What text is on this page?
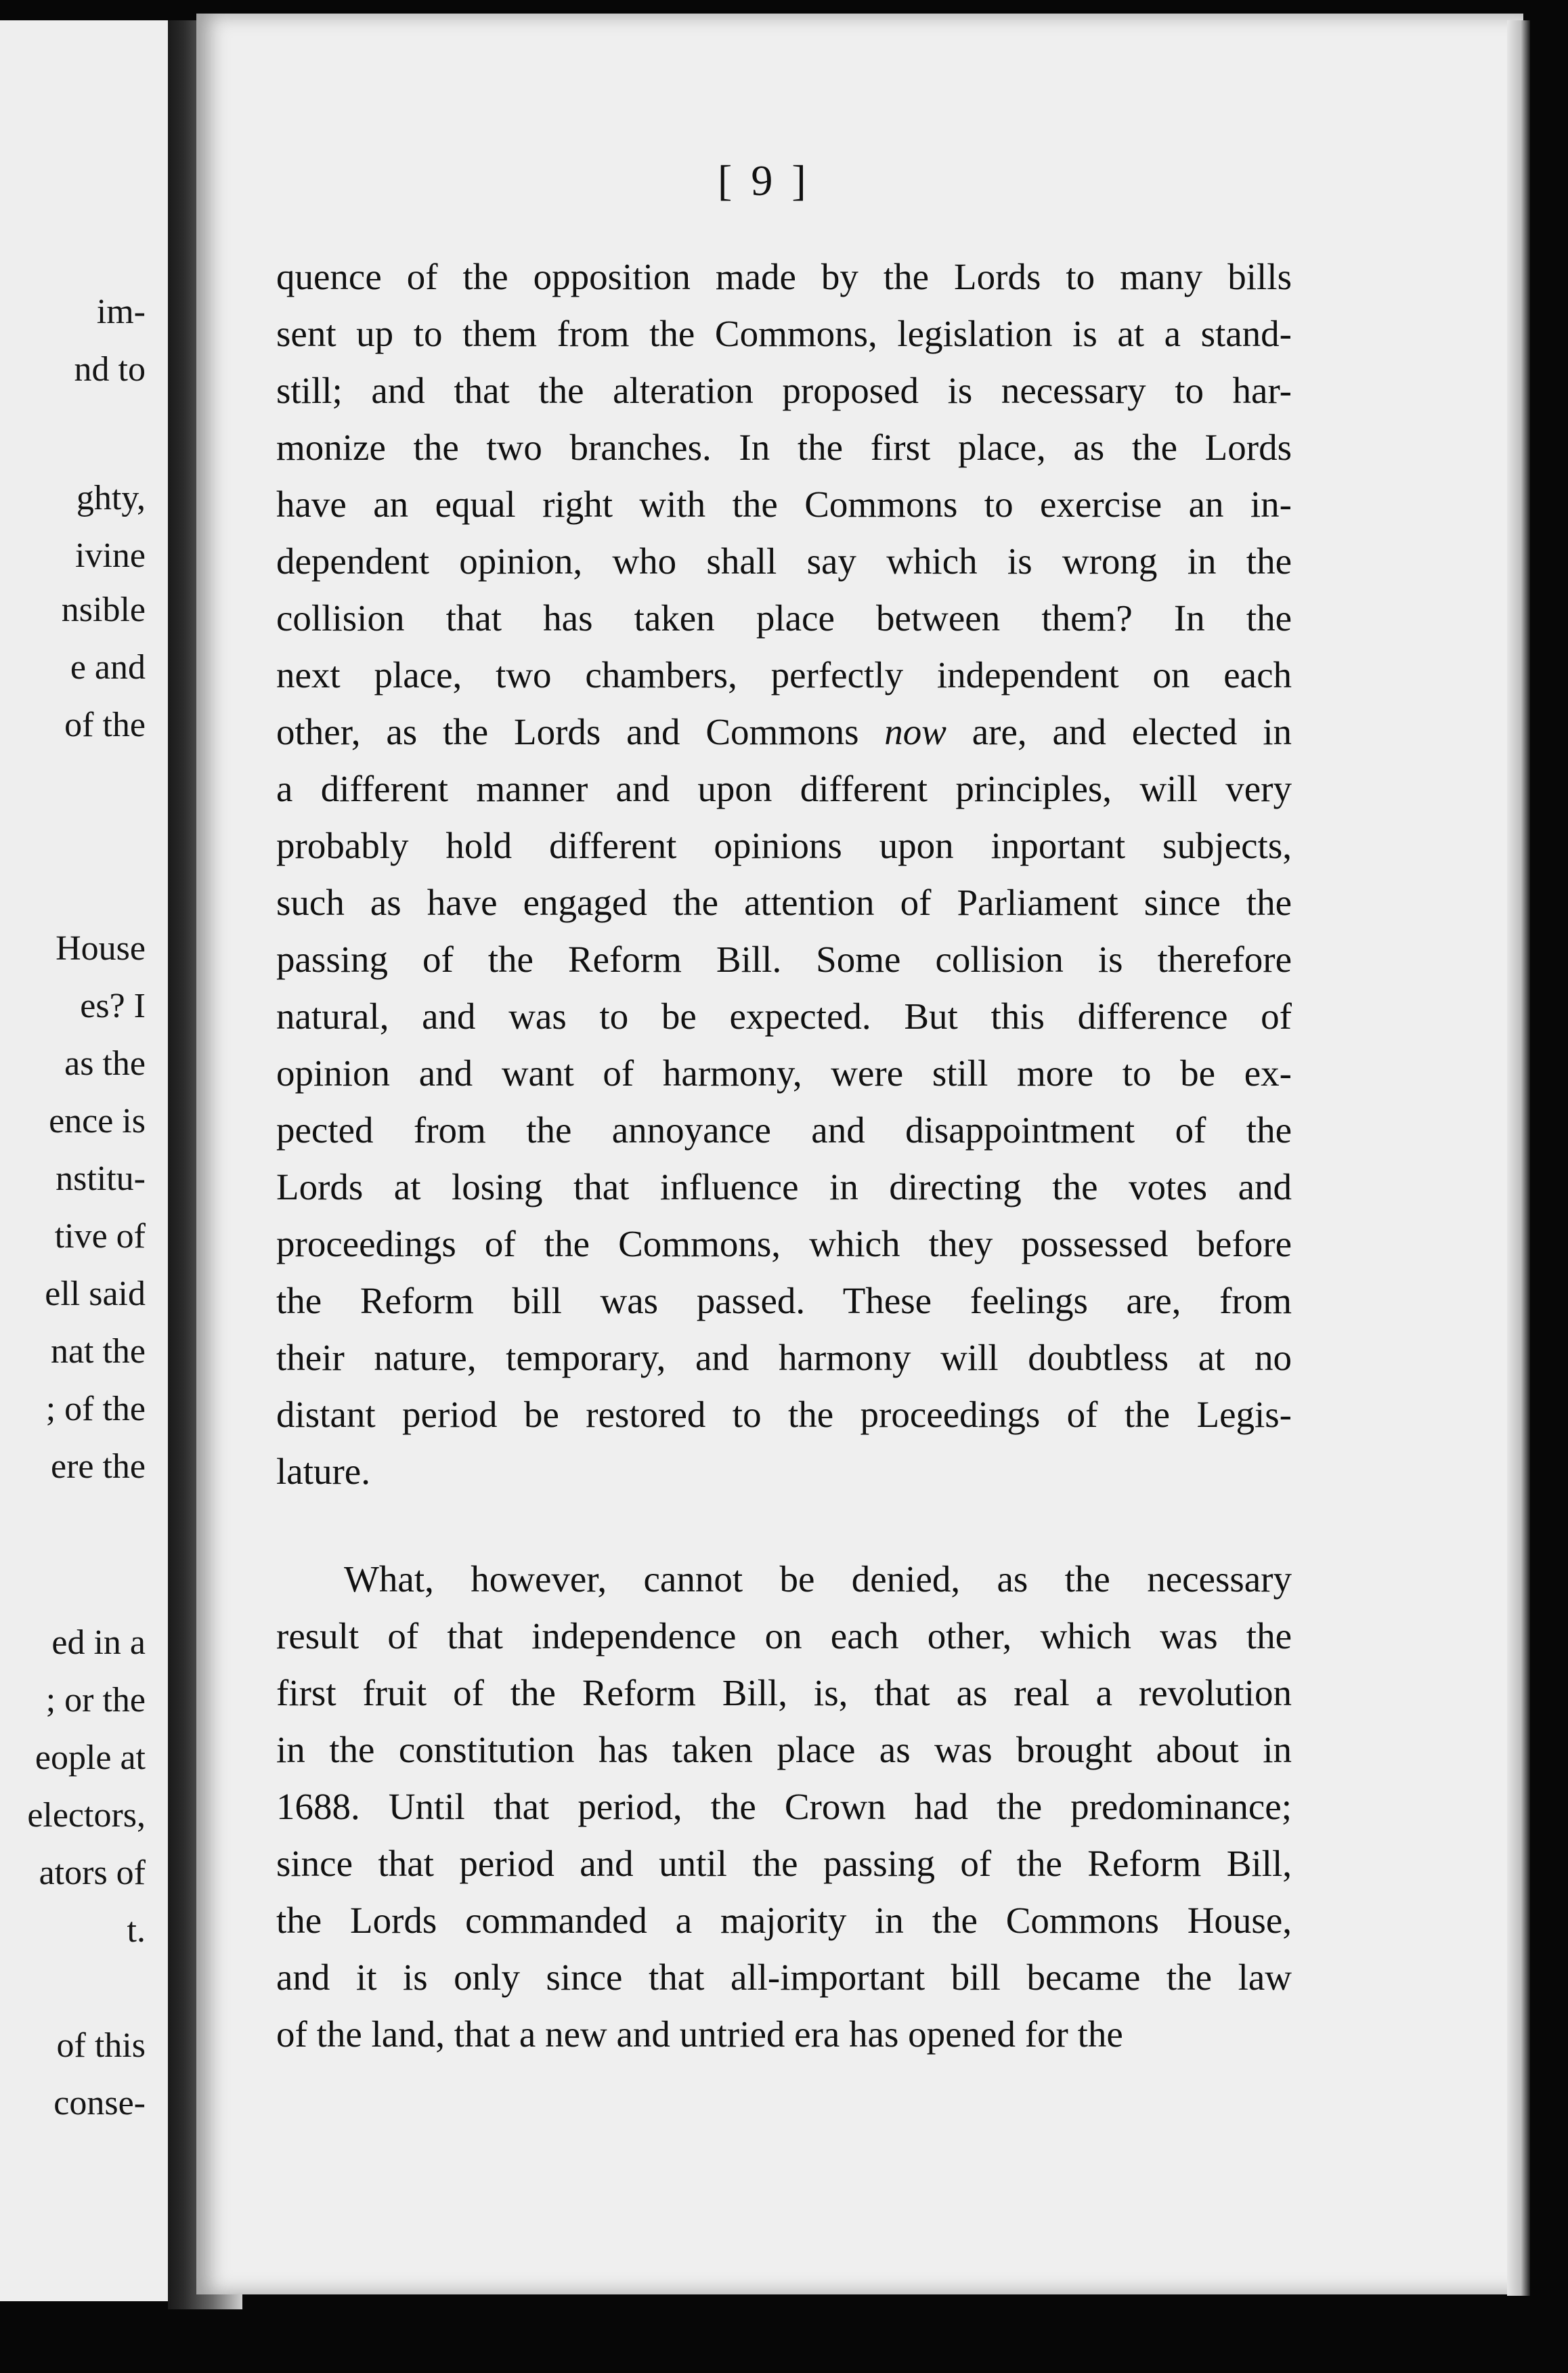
im-
nd to
ghty,
ivine
nsible
e and
of the
House
es? I
as the
ence is
nstitu-
tive of
ell said
nat the
; of the
ere the
ed in a
; or the
eople at
electors,
ators of
t.
of this
conse-
[ 9 ]
quence of the opposition made by the Lords to many bills
sent up to them from the Commons, legislation is at a stand-
still; and that the alteration proposed is necessary to har-
monize the two branches. In the first place, as the Lords
have an equal right with the Commons to exercise an in-
dependent opinion, who shall say which is wrong in the
collision that has taken place between them? In the
next place, two chambers, perfectly independent on each
other, as the Lords and Commons now are, and elected in
a different manner and upon different principles, will very
probably hold different opinions upon inportant subjects,
such as have engaged the attention of Parliament since the
passing of the Reform Bill. Some collision is therefore
natural, and was to be expected. But this difference of
opinion and want of harmony, were still more to be ex-
pected from the annoyance and disappointment of the
Lords at losing that influence in directing the votes and
proceedings of the Commons, which they possessed before
the Reform bill was passed. These feelings are, from
their nature, temporary, and harmony will doubtless at no
distant period be restored to the proceedings of the Legis-
lature.
What, however, cannot be denied, as the necessary
result of that independence on each other, which was the
first fruit of the Reform Bill, is, that as real a revolution
in the constitution has taken place as was brought about in
1688. Until that period, the Crown had the predominance;
since that period and until the passing of the Reform Bill,
the Lords commanded a majority in the Commons House,
and it is only since that all-important bill became the law
of the land, that a new and untried era has opened for the
